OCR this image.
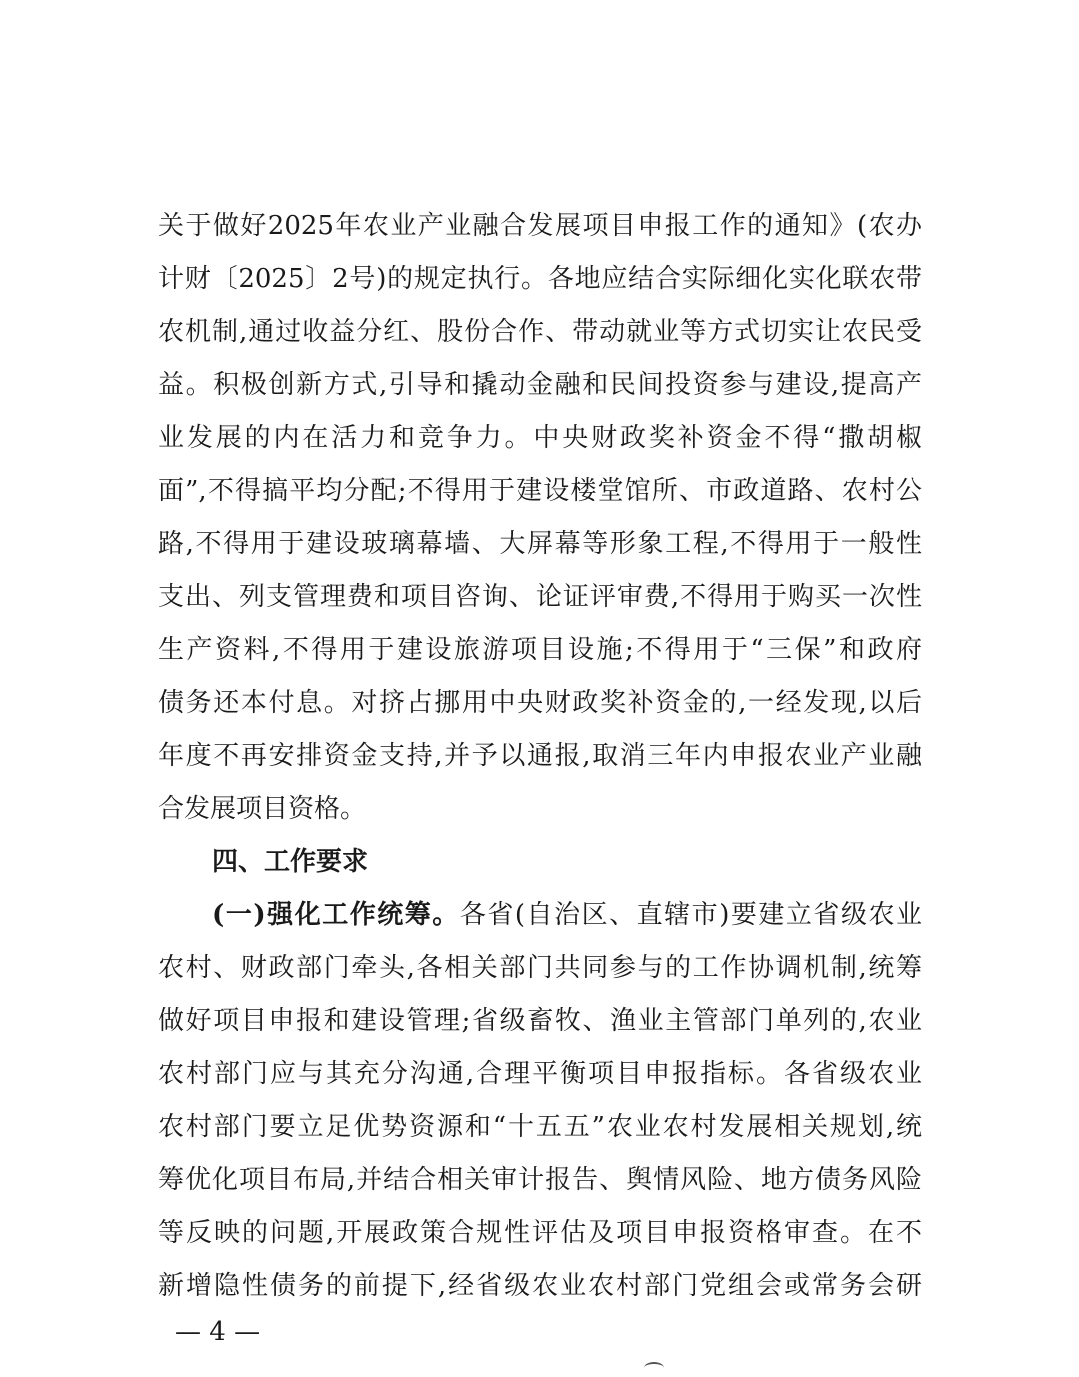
关于做好2025年农业产业融合发展项目申报工作的通知》(农办
计财〔2025〕2号)的规定执行。各地应结合实际细化实化联农带
农机制,通过收益分红、股份合作、带动就业等方式切实让农民受
益。积极创新方式,引导和撬动金融和民间投资参与建设,提高产
业发展的内在活力和竞争力。中央财政奖补资金不得“撒胡椒
面”,不得搞平均分配;不得用于建设楼堂馆所、市政道路、农村公
路,不得用于建设玻璃幕墙、大屏幕等形象工程,不得用于一般性
支出、列支管理费和项目咨询、论证评审费,不得用于购买一次性
生产资料,不得用于建设旅游项目设施;不得用于“三保”和政府
债务还本付息。对挤占挪用中央财政奖补资金的,一经发现,以后
年度不再安排资金支持,并予以通报,取消三年内申报农业产业融
合发展项目资格。
四、工作要求
(一)强化工作统筹。各省(自治区、直辖市)要建立省级农业
农村、财政部门牵头,各相关部门共同参与的工作协调机制,统筹
做好项目申报和建设管理;省级畜牧、渔业主管部门单列的,农业
农村部门应与其充分沟通,合理平衡项目申报指标。各省级农业
农村部门要立足优势资源和“十五五”农业农村发展相关规划,统
筹优化项目布局,并结合相关审计报告、舆情风险、地方债务风险
等反映的问题,开展政策合规性评估及项目申报资格审查。在不
新增隐性债务的前提下,经省级农业农村部门党组会或常务会研
— 4 —
